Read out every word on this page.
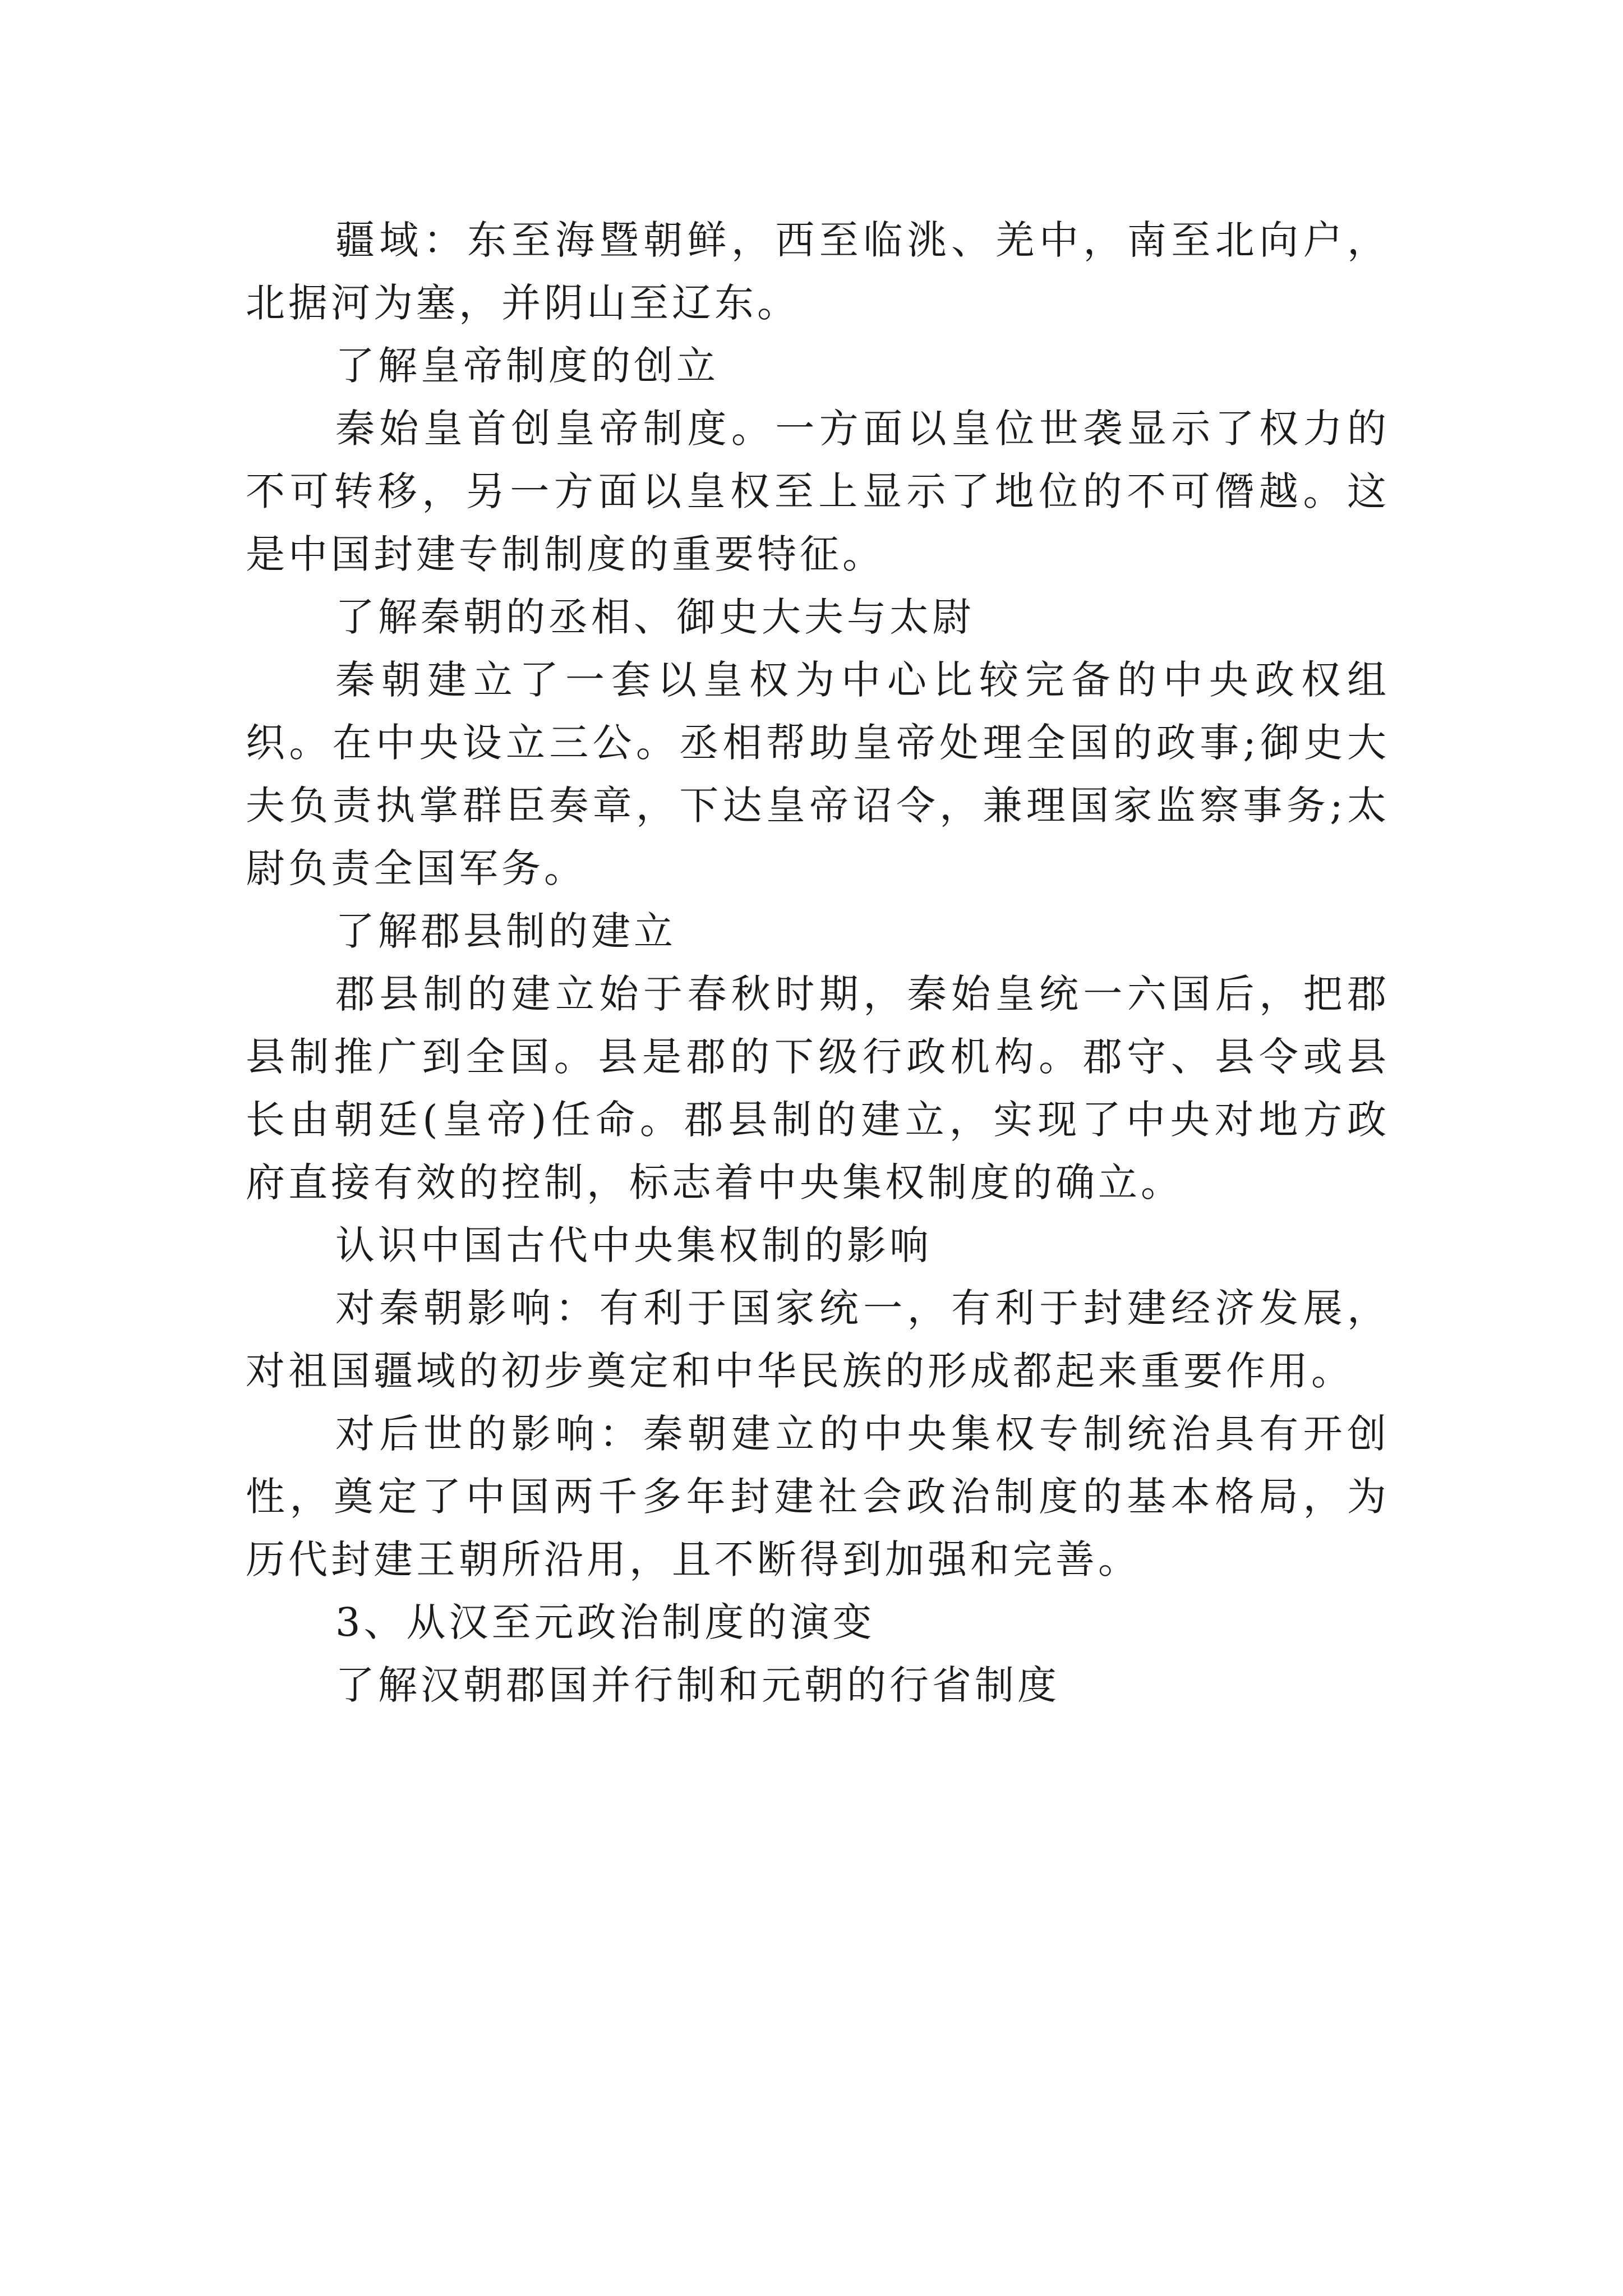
疆域：东至海暨朝鲜，西至临洮、羌中，南至北向户，北据河为塞，并阴山至辽东。

了解皇帝制度的创立

秦始皇首创皇帝制度。一方面以皇位世袭显示了权力的不可转移，另一方面以皇权至上显示了地位的不可僭越。这是中国封建专制制度的重要特征。

了解秦朝的丞相、御史大夫与太尉

秦朝建立了一套以皇权为中心比较完备的中央政权组织。在中央设立三公。丞相帮助皇帝处理全国的政事;御史大夫负责执掌群臣奏章，下达皇帝诏令，兼理国家监察事务;太尉负责全国军务。

了解郡县制的建立

郡县制的建立始于春秋时期，秦始皇统一六国后，把郡县制推广到全国。县是郡的下级行政机构。郡守、县令或县长由朝廷(皇帝)任命。郡县制的建立，实现了中央对地方政府直接有效的控制，标志着中央集权制度的确立。

认识中国古代中央集权制的影响

对秦朝影响：有利于国家统一，有利于封建经济发展，对祖国疆域的初步奠定和中华民族的形成都起来重要作用。

对后世的影响：秦朝建立的中央集权专制统治具有开创性，奠定了中国两千多年封建社会政治制度的基本格局，为历代封建王朝所沿用，且不断得到加强和完善。

3、从汉至元政治制度的演变

了解汉朝郡国并行制和元朝的行省制度
